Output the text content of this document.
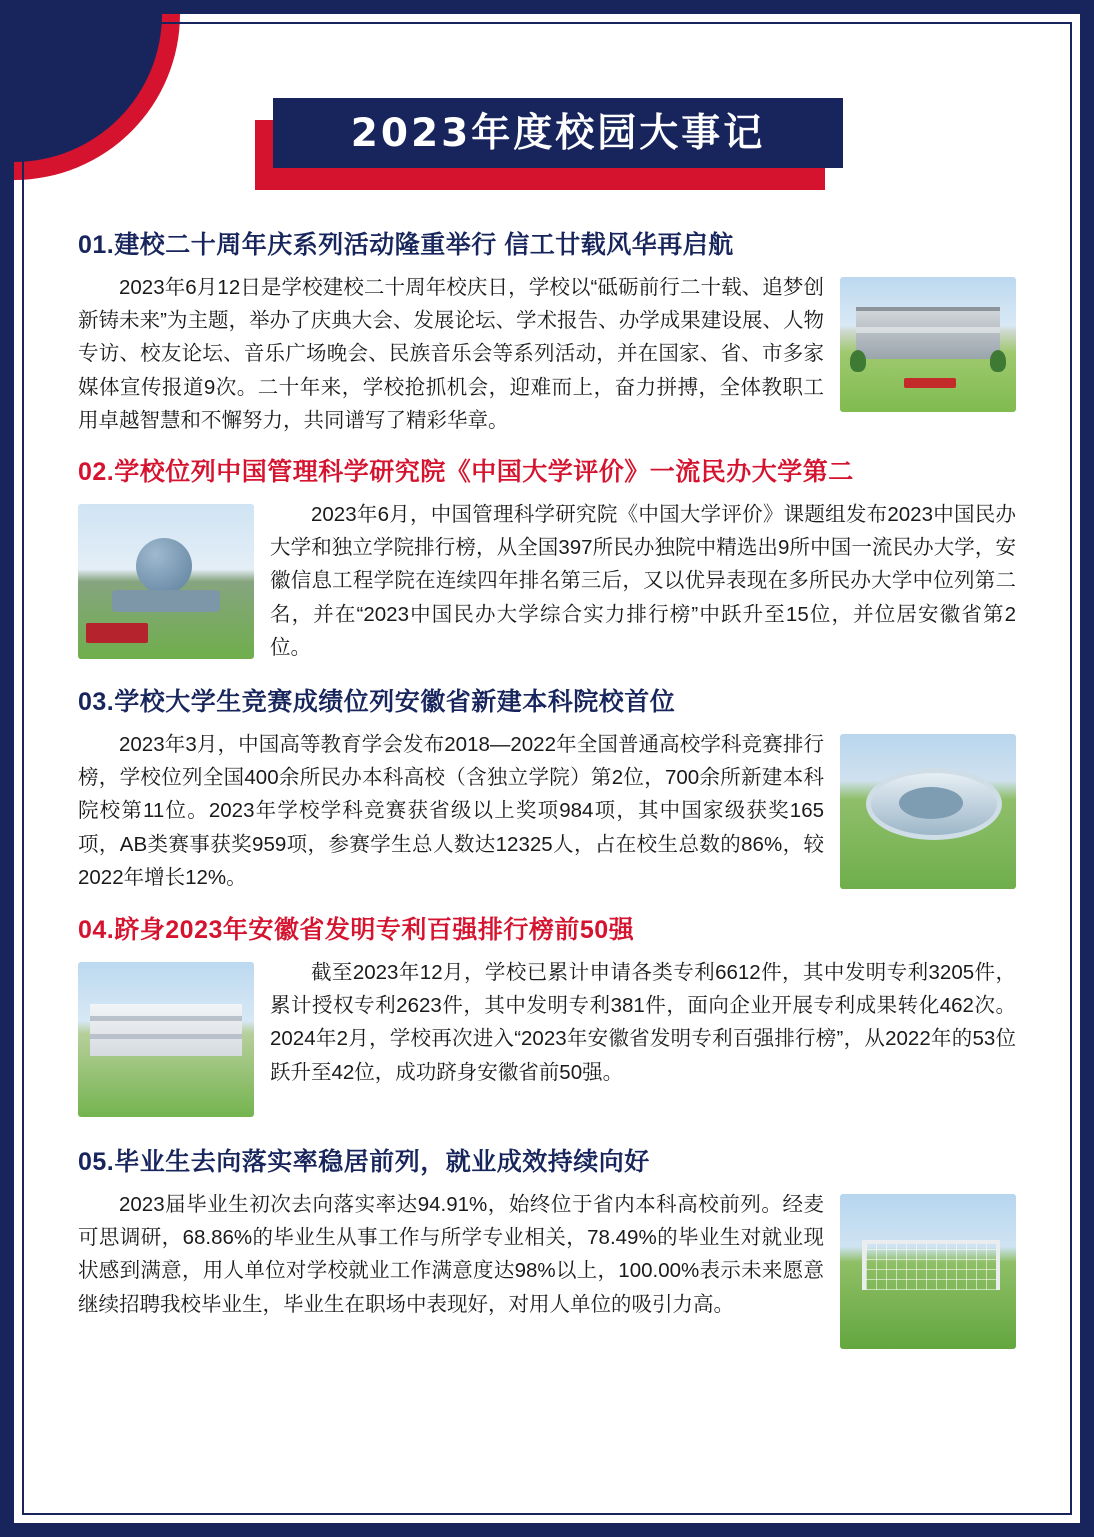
2023年度校园大事记
01.建校二十周年庆系列活动隆重举行 信工廿载风华再启航

2023年6月12日是学校建校二十周年校庆日，学校以“砥砺前行二十载、追梦创新铸未来”为主题，举办了庆典大会、发展论坛、学术报告、办学成果建设展、人物专访、校友论坛、音乐广场晚会、民族音乐会等系列活动，并在国家、省、市多家媒体宣传报道9次。二十年来，学校抢抓机会，迎难而上，奋力拼搏，全体教职工用卓越智慧和不懈努力，共同谱写了精彩华章。

02.学校位列中国管理科学研究院《中国大学评价》一流民办大学第二

2023年6月，中国管理科学研究院《中国大学评价》课题组发布2023中国民办大学和独立学院排行榜，从全国397所民办独院中精选出9所中国一流民办大学，安徽信息工程学院在连续四年排名第三后，又以优异表现在多所民办大学中位列第二名，并在“2023中国民办大学综合实力排行榜”中跃升至15位，并位居安徽省第2位。

03.学校大学生竞赛成绩位列安徽省新建本科院校首位

2023年3月，中国高等教育学会发布2018—2022年全国普通高校学科竞赛排行榜，学校位列全国400余所民办本科高校（含独立学院）第2位，700余所新建本科院校第11位。2023年学校学科竞赛获省级以上奖项984项，其中国家级获奖165项，AB类赛事获奖959项，参赛学生总人数达12325人，占在校生总数的86%，较2022年增长12%。

04.跻身2023年安徽省发明专利百强排行榜前50强

截至2023年12月，学校已累计申请各类专利6612件，其中发明专利3205件，累计授权专利2623件，其中发明专利381件，面向企业开展专利成果转化462次。2024年2月，学校再次进入“2023年安徽省发明专利百强排行榜”，从2022年的53位跃升至42位，成功跻身安徽省前50强。

05.毕业生去向落实率稳居前列，就业成效持续向好

2023届毕业生初次去向落实率达94.91%，始终位于省内本科高校前列。经麦可思调研，68.86%的毕业生从事工作与所学专业相关，78.49%的毕业生对就业现状感到满意，用人单位对学校就业工作满意度达98%以上，100.00%表示未来愿意继续招聘我校毕业生，毕业生在职场中表现好，对用人单位的吸引力高。
